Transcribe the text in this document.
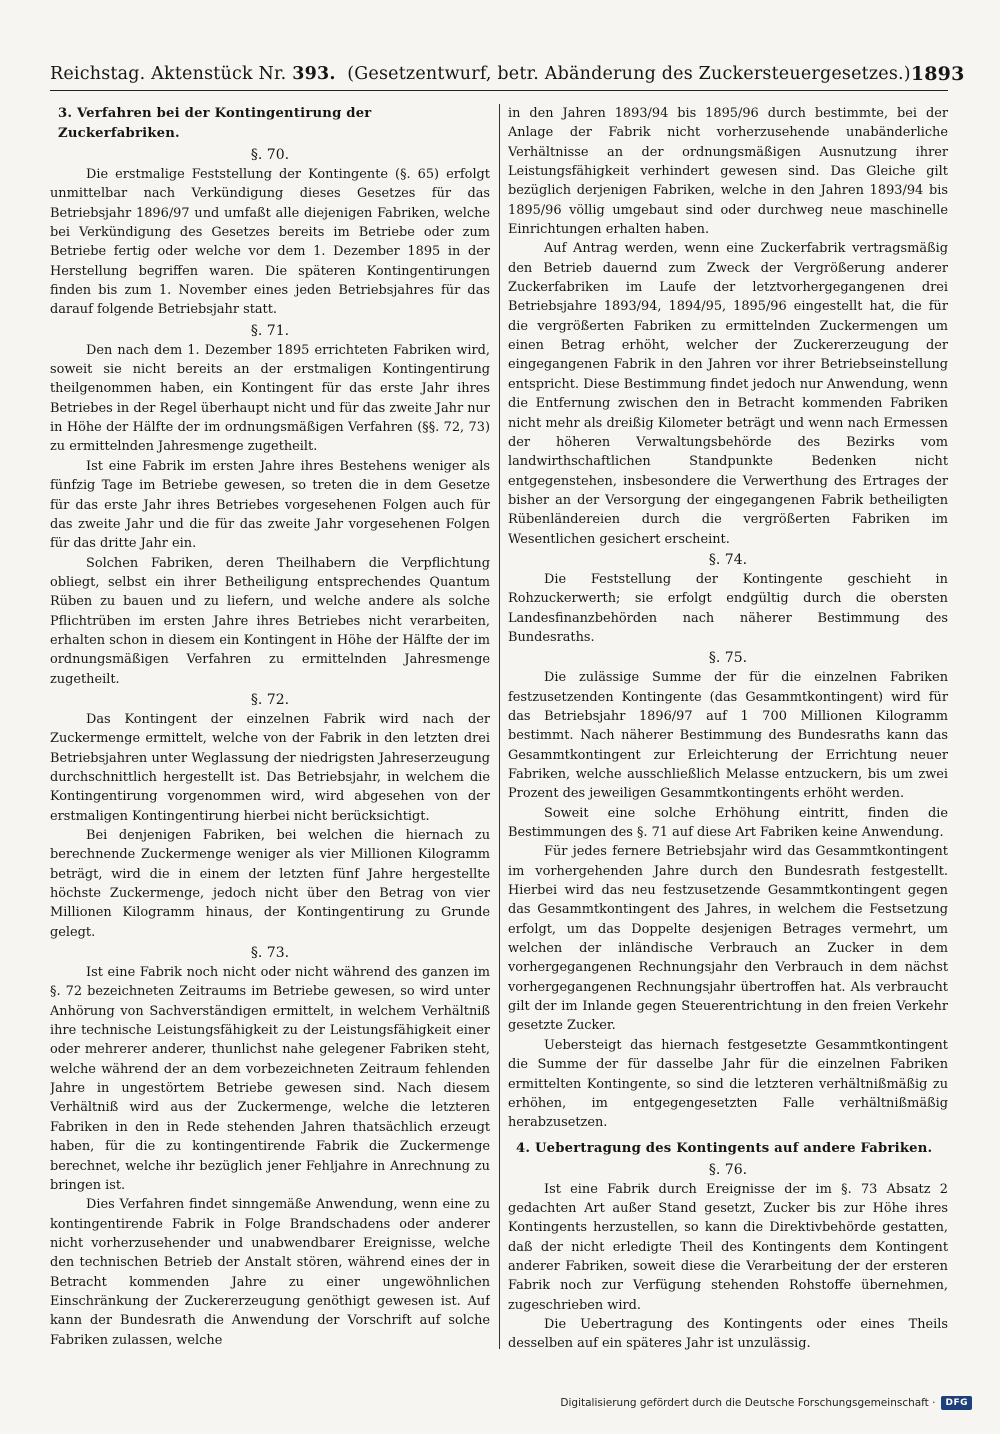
Reichstag. Aktenstück Nr. 393. (Gesetzentwurf, betr. Abänderung des Zuckersteuergesetzes.) 1893
3. Verfahren bei der Kontingentirung der Zuckerfabriken.
§. 70.

Die erstmalige Feststellung der Kontingente (§. 65) erfolgt unmittelbar nach Verkündigung dieses Gesetzes für das Betriebsjahr 1896/97 und umfaßt alle diejenigen Fabriken, welche bei Verkündigung des Gesetzes bereits im Betriebe oder zum Betriebe fertig oder welche vor dem 1. Dezember 1895 in der Herstellung begriffen waren. Die späteren Kontingentirungen finden bis zum 1. November eines jeden Betriebsjahres für das darauf folgende Betriebsjahr statt.

§. 71.

Den nach dem 1. Dezember 1895 errichteten Fabriken wird, soweit sie nicht bereits an der erstmaligen Kontingentirung theilgenommen haben, ein Kontingent für das erste Jahr ihres Betriebes in der Regel überhaupt nicht und für das zweite Jahr nur in Höhe der Hälfte der im ordnungsmäßigen Verfahren (§§. 72, 73) zu ermittelnden Jahresmenge zugetheilt.

Ist eine Fabrik im ersten Jahre ihres Bestehens weniger als fünfzig Tage im Betriebe gewesen, so treten die in dem Gesetze für das erste Jahr ihres Betriebes vorgesehenen Folgen auch für das zweite Jahr und die für das zweite Jahr vorgesehenen Folgen für das dritte Jahr ein.

Solchen Fabriken, deren Theilhabern die Verpflichtung obliegt, selbst ein ihrer Betheiligung entsprechendes Quantum Rüben zu bauen und zu liefern, und welche andere als solche Pflichtrüben im ersten Jahre ihres Betriebes nicht verarbeiten, erhalten schon in diesem ein Kontingent in Höhe der Hälfte der im ordnungsmäßigen Verfahren zu ermittelnden Jahresmenge zugetheilt.

§. 72.

Das Kontingent der einzelnen Fabrik wird nach der Zuckermenge ermittelt, welche von der Fabrik in den letzten drei Betriebsjahren unter Weglassung der niedrigsten Jahreserzeugung durchschnittlich hergestellt ist. Das Betriebsjahr, in welchem die Kontingentirung vorgenommen wird, wird abgesehen von der erstmaligen Kontingentirung hierbei nicht berücksichtigt.

Bei denjenigen Fabriken, bei welchen die hiernach zu berechnende Zuckermenge weniger als vier Millionen Kilogramm beträgt, wird die in einem der letzten fünf Jahre hergestellte höchste Zuckermenge, jedoch nicht über den Betrag von vier Millionen Kilogramm hinaus, der Kontingentirung zu Grunde gelegt.

§. 73.

Ist eine Fabrik noch nicht oder nicht während des ganzen im §. 72 bezeichneten Zeitraums im Betriebe gewesen, so wird unter Anhörung von Sachverständigen ermittelt, in welchem Verhältniß ihre technische Leistungsfähigkeit zu der Leistungsfähigkeit einer oder mehrerer anderer, thunlichst nahe gelegener Fabriken steht, welche während der an dem vorbezeichneten Zeitraum fehlenden Jahre in ungestörtem Betriebe gewesen sind. Nach diesem Verhältniß wird aus der Zuckermenge, welche die letzteren Fabriken in den in Rede stehenden Jahren thatsächlich erzeugt haben, für die zu kontingentirende Fabrik die Zuckermenge berechnet, welche ihr bezüglich jener Fehljahre in Anrechnung zu bringen ist.

Dies Verfahren findet sinngemäße Anwendung, wenn eine zu kontingentirende Fabrik in Folge Brandschadens oder anderer nicht vorherzusehender und unabwendbarer Ereignisse, welche den technischen Betrieb der Anstalt stören, während eines der in Betracht kommenden Jahre zu einer ungewöhnlichen Einschränkung der Zuckererzeugung genöthigt gewesen ist. Auf kann der Bundesrath die Anwendung der Vorschrift auf solche Fabriken zulassen, welche

in den Jahren 1893/94 bis 1895/96 durch bestimmte, bei der Anlage der Fabrik nicht vorherzusehende unabänderliche Verhältnisse an der ordnungsmäßigen Ausnutzung ihrer Leistungsfähigkeit verhindert gewesen sind. Das Gleiche gilt bezüglich derjenigen Fabriken, welche in den Jahren 1893/94 bis 1895/96 völlig umgebaut sind oder durchweg neue maschinelle Einrichtungen erhalten haben.

Auf Antrag werden, wenn eine Zuckerfabrik vertragsmäßig den Betrieb dauernd zum Zweck der Vergrößerung anderer Zuckerfabriken im Laufe der letztvorhergegangenen drei Betriebsjahre 1893/94, 1894/95, 1895/96 eingestellt hat, die für die vergrößerten Fabriken zu ermittelnden Zuckermengen um einen Betrag erhöht, welcher der Zuckererzeugung der eingegangenen Fabrik in den Jahren vor ihrer Betriebseinstellung entspricht. Diese Bestimmung findet jedoch nur Anwendung, wenn die Entfernung zwischen den in Betracht kommenden Fabriken nicht mehr als dreißig Kilometer beträgt und wenn nach Ermessen der höheren Verwaltungsbehörde des Bezirks vom landwirthschaftlichen Standpunkte Bedenken nicht entgegenstehen, insbesondere die Verwerthung des Ertrages der bisher an der Versorgung der eingegangenen Fabrik betheiligten Rübenländereien durch die vergrößerten Fabriken im Wesentlichen gesichert erscheint.

§. 74.

Die Feststellung der Kontingente geschieht in Rohzuckerwerth; sie erfolgt endgültig durch die obersten Landesfinanzbehörden nach näherer Bestimmung des Bundesraths.

§. 75.

Die zulässige Summe der für die einzelnen Fabriken festzusetzenden Kontingente (das Gesammtkontingent) wird für das Betriebsjahr 1896/97 auf 1 700 Millionen Kilogramm bestimmt. Nach näherer Bestimmung des Bundesraths kann das Gesammtkontingent zur Erleichterung der Errichtung neuer Fabriken, welche ausschließlich Melasse entzuckern, bis um zwei Prozent des jeweiligen Gesammtkontingents erhöht werden.

Soweit eine solche Erhöhung eintritt, finden die Bestimmungen des §. 71 auf diese Art Fabriken keine Anwendung.

Für jedes fernere Betriebsjahr wird das Gesammtkontingent im vorhergehenden Jahre durch den Bundesrath festgestellt. Hierbei wird das neu festzusetzende Gesammtkontingent gegen das Gesammtkontingent des Jahres, in welchem die Festsetzung erfolgt, um das Doppelte desjenigen Betrages vermehrt, um welchen der inländische Verbrauch an Zucker in dem vorhergegangenen Rechnungsjahr den Verbrauch in dem nächst vorhergegangenen Rechnungsjahr übertroffen hat. Als verbraucht gilt der im Inlande gegen Steuerentrichtung in den freien Verkehr gesetzte Zucker.

Uebersteigt das hiernach festgesetzte Gesammtkontingent die Summe der für dasselbe Jahr für die einzelnen Fabriken ermittelten Kontingente, so sind die letzteren verhältnißmäßig zu erhöhen, im entgegengesetzten Falle verhältnißmäßig herabzusetzen.

4. Uebertragung des Kontingents auf andere Fabriken.
§. 76.

Ist eine Fabrik durch Ereignisse der im §. 73 Absatz 2 gedachten Art außer Stand gesetzt, Zucker bis zur Höhe ihres Kontingents herzustellen, so kann die Direktivbehörde gestatten, daß der nicht erledigte Theil des Kontingents dem Kontingent anderer Fabriken, soweit diese die Verarbeitung der der ersteren Fabrik noch zur Verfügung stehenden Rohstoffe übernehmen, zugeschrieben wird.

Die Uebertragung des Kontingents oder eines Theils desselben auf ein späteres Jahr ist unzulässig.

Digitalisierung gefördert durch die Deutsche Forschungsgemeinschaft ·	DFG
